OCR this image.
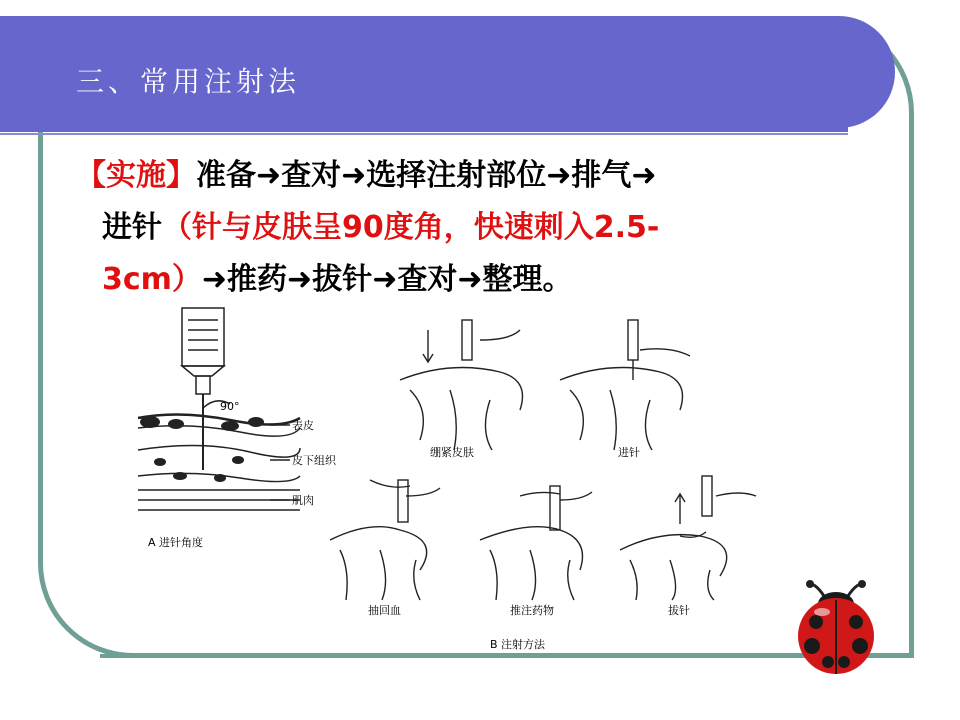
三、常用注射法
【实施】准备➜查对➜选择注射部位➜排气➜
进针（针与皮肤呈90度角，快速刺入2.5-
3cm）➜推药➜拔针➜查对➜整理。
90°
表皮
皮下组织
肌肉
A 进针角度
绷紧皮肤	进针
抽回血	推注药物	拔针
B 注射方法
